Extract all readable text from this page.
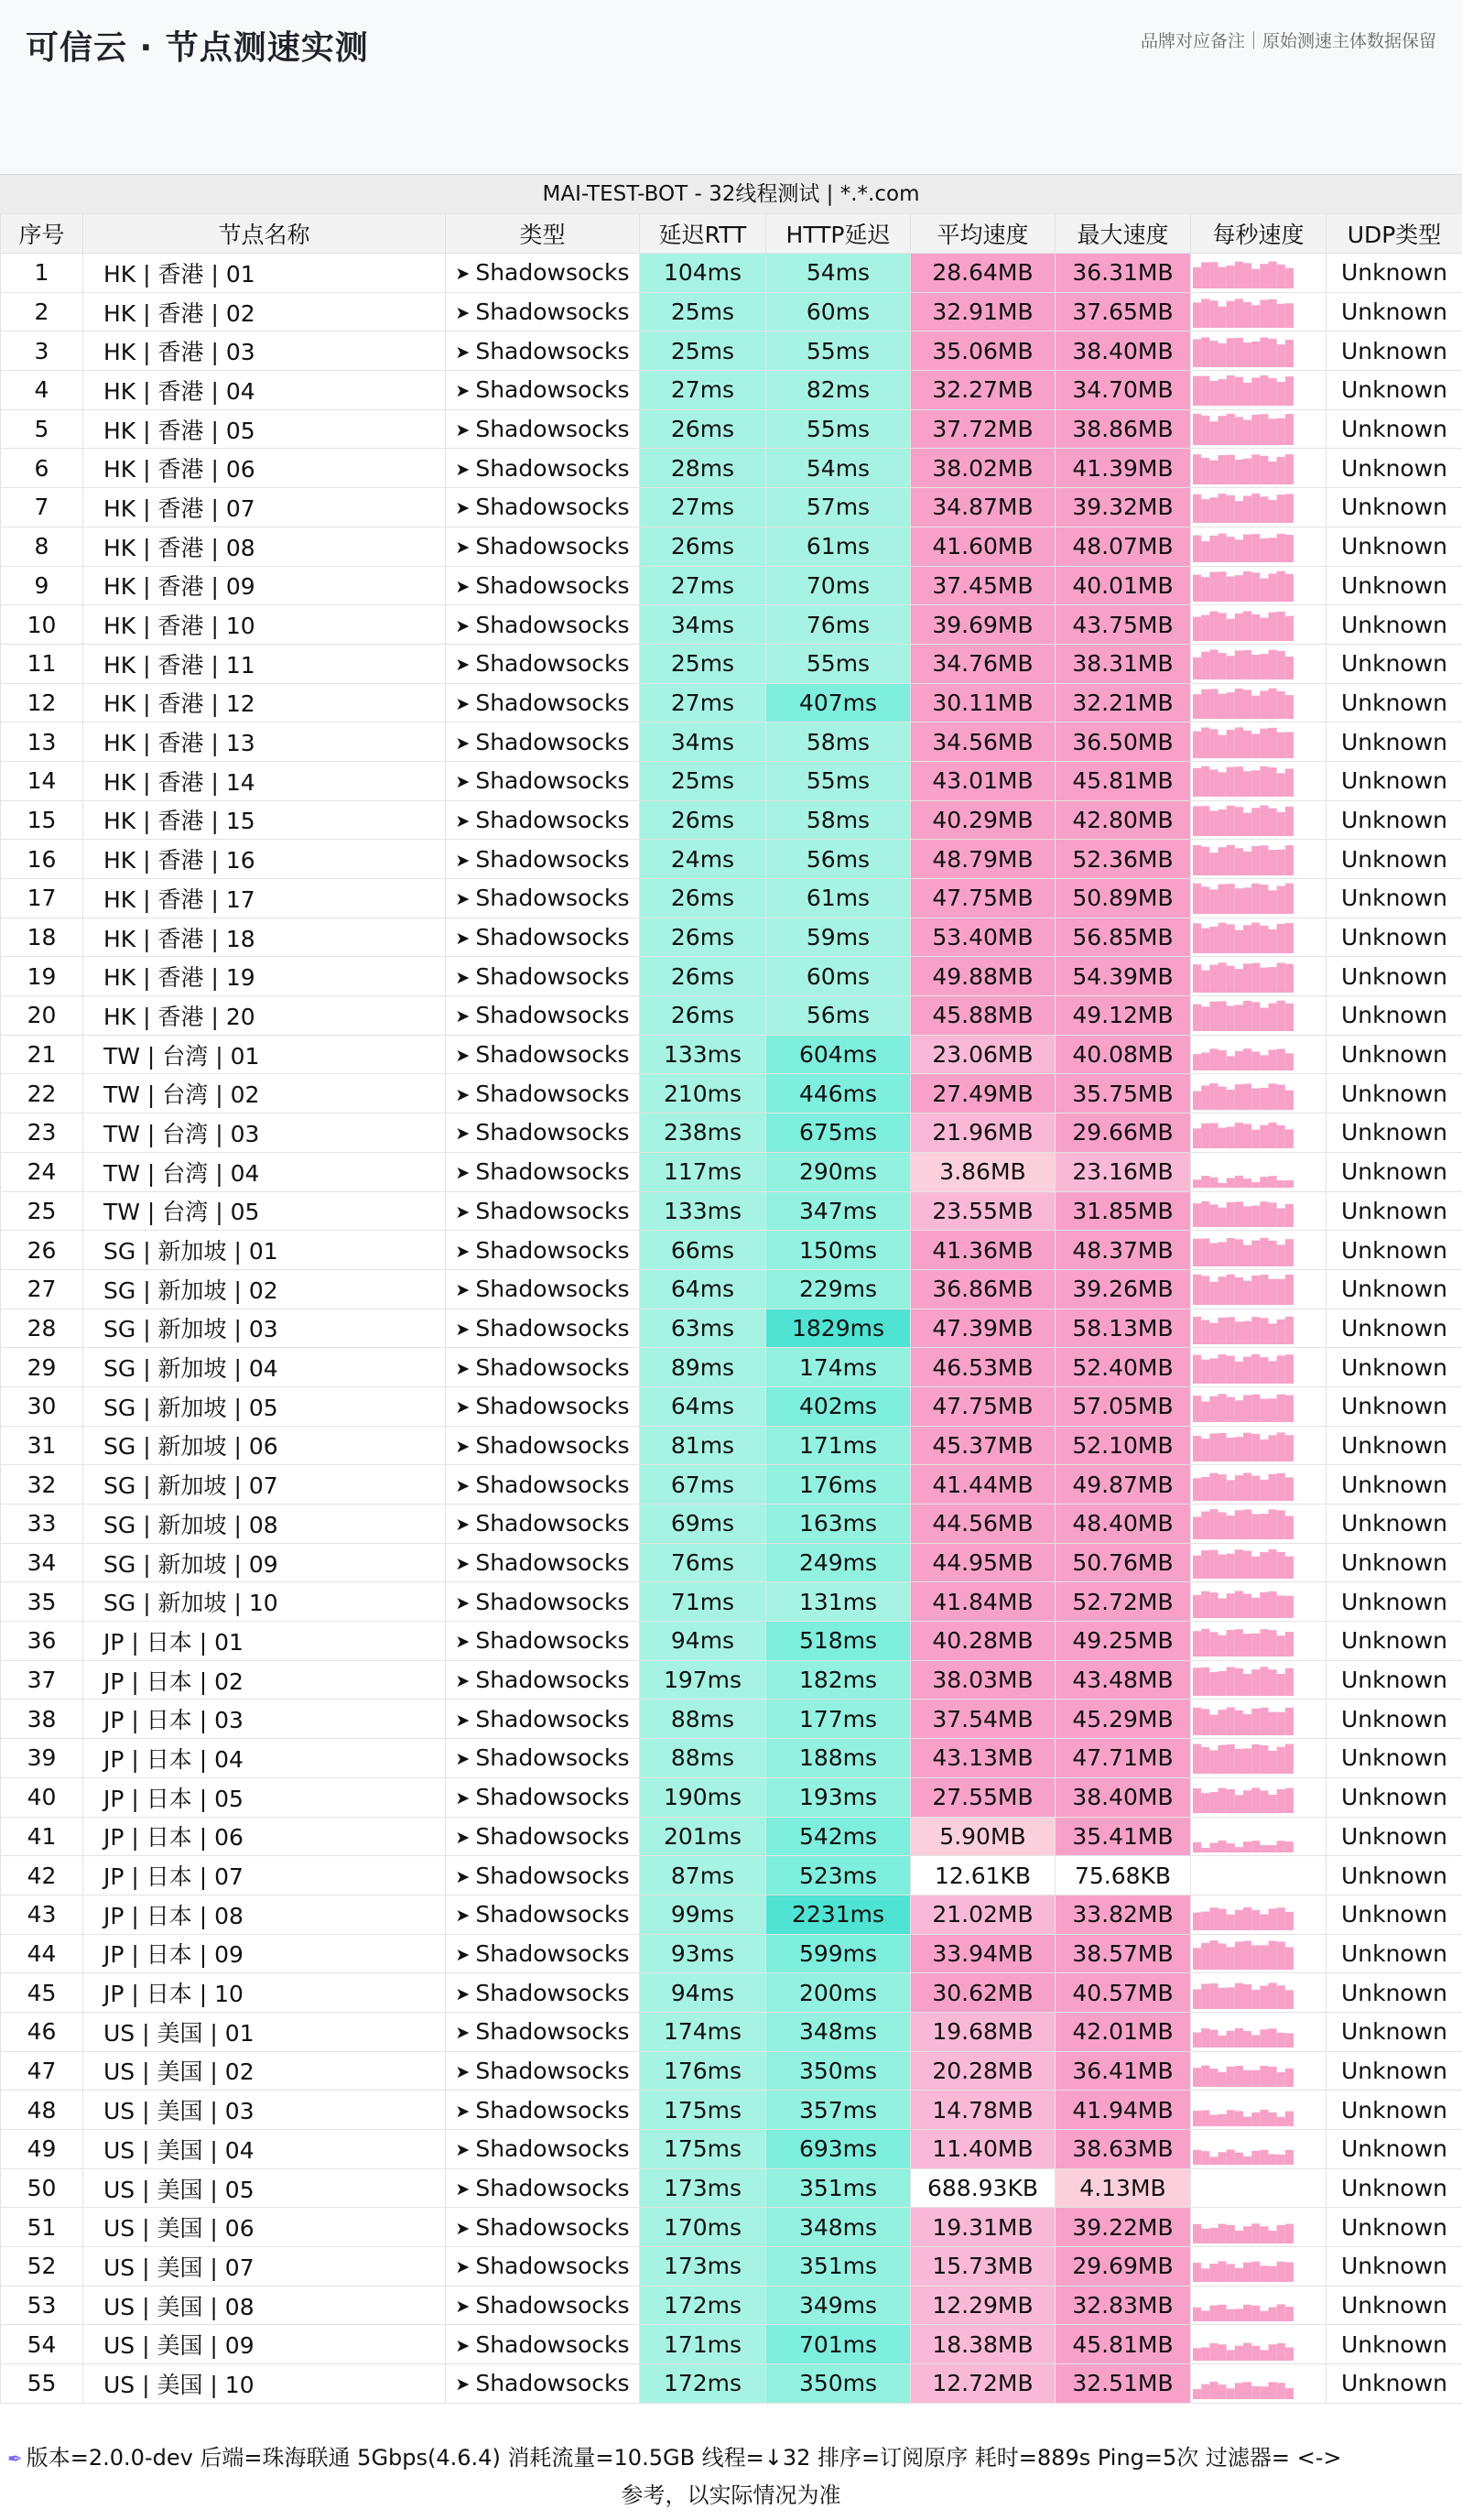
可信云 · 节点测速实测	品牌对应备注｜原始测速主体数据保留
MAI-TEST-BOT - 32线程测试 | *.*.com
序号	节点名称	类型	延迟RTT	HTTP延迟	平均速度	最大速度	每秒速度	UDP类型
1	HK | 香港 | 01	➤ Shadowsocks	104ms	54ms	28.64MB	36.31MB		Unknown
2	HK | 香港 | 02	➤ Shadowsocks	25ms	60ms	32.91MB	37.65MB		Unknown
3	HK | 香港 | 03	➤ Shadowsocks	25ms	55ms	35.06MB	38.40MB		Unknown
4	HK | 香港 | 04	➤ Shadowsocks	27ms	82ms	32.27MB	34.70MB		Unknown
5	HK | 香港 | 05	➤ Shadowsocks	26ms	55ms	37.72MB	38.86MB		Unknown
6	HK | 香港 | 06	➤ Shadowsocks	28ms	54ms	38.02MB	41.39MB		Unknown
7	HK | 香港 | 07	➤ Shadowsocks	27ms	57ms	34.87MB	39.32MB		Unknown
8	HK | 香港 | 08	➤ Shadowsocks	26ms	61ms	41.60MB	48.07MB		Unknown
9	HK | 香港 | 09	➤ Shadowsocks	27ms	70ms	37.45MB	40.01MB		Unknown
10	HK | 香港 | 10	➤ Shadowsocks	34ms	76ms	39.69MB	43.75MB		Unknown
11	HK | 香港 | 11	➤ Shadowsocks	25ms	55ms	34.76MB	38.31MB		Unknown
12	HK | 香港 | 12	➤ Shadowsocks	27ms	407ms	30.11MB	32.21MB		Unknown
13	HK | 香港 | 13	➤ Shadowsocks	34ms	58ms	34.56MB	36.50MB		Unknown
14	HK | 香港 | 14	➤ Shadowsocks	25ms	55ms	43.01MB	45.81MB		Unknown
15	HK | 香港 | 15	➤ Shadowsocks	26ms	58ms	40.29MB	42.80MB		Unknown
16	HK | 香港 | 16	➤ Shadowsocks	24ms	56ms	48.79MB	52.36MB		Unknown
17	HK | 香港 | 17	➤ Shadowsocks	26ms	61ms	47.75MB	50.89MB		Unknown
18	HK | 香港 | 18	➤ Shadowsocks	26ms	59ms	53.40MB	56.85MB		Unknown
19	HK | 香港 | 19	➤ Shadowsocks	26ms	60ms	49.88MB	54.39MB		Unknown
20	HK | 香港 | 20	➤ Shadowsocks	26ms	56ms	45.88MB	49.12MB		Unknown
21	TW | 台湾 | 01	➤ Shadowsocks	133ms	604ms	23.06MB	40.08MB		Unknown
22	TW | 台湾 | 02	➤ Shadowsocks	210ms	446ms	27.49MB	35.75MB		Unknown
23	TW | 台湾 | 03	➤ Shadowsocks	238ms	675ms	21.96MB	29.66MB		Unknown
24	TW | 台湾 | 04	➤ Shadowsocks	117ms	290ms	3.86MB	23.16MB		Unknown
25	TW | 台湾 | 05	➤ Shadowsocks	133ms	347ms	23.55MB	31.85MB		Unknown
26	SG | 新加坡 | 01	➤ Shadowsocks	66ms	150ms	41.36MB	48.37MB		Unknown
27	SG | 新加坡 | 02	➤ Shadowsocks	64ms	229ms	36.86MB	39.26MB		Unknown
28	SG | 新加坡 | 03	➤ Shadowsocks	63ms	1829ms	47.39MB	58.13MB		Unknown
29	SG | 新加坡 | 04	➤ Shadowsocks	89ms	174ms	46.53MB	52.40MB		Unknown
30	SG | 新加坡 | 05	➤ Shadowsocks	64ms	402ms	47.75MB	57.05MB		Unknown
31	SG | 新加坡 | 06	➤ Shadowsocks	81ms	171ms	45.37MB	52.10MB		Unknown
32	SG | 新加坡 | 07	➤ Shadowsocks	67ms	176ms	41.44MB	49.87MB		Unknown
33	SG | 新加坡 | 08	➤ Shadowsocks	69ms	163ms	44.56MB	48.40MB		Unknown
34	SG | 新加坡 | 09	➤ Shadowsocks	76ms	249ms	44.95MB	50.76MB		Unknown
35	SG | 新加坡 | 10	➤ Shadowsocks	71ms	131ms	41.84MB	52.72MB		Unknown
36	JP | 日本 | 01	➤ Shadowsocks	94ms	518ms	40.28MB	49.25MB		Unknown
37	JP | 日本 | 02	➤ Shadowsocks	197ms	182ms	38.03MB	43.48MB		Unknown
38	JP | 日本 | 03	➤ Shadowsocks	88ms	177ms	37.54MB	45.29MB		Unknown
39	JP | 日本 | 04	➤ Shadowsocks	88ms	188ms	43.13MB	47.71MB		Unknown
40	JP | 日本 | 05	➤ Shadowsocks	190ms	193ms	27.55MB	38.40MB		Unknown
41	JP | 日本 | 06	➤ Shadowsocks	201ms	542ms	5.90MB	35.41MB		Unknown
42	JP | 日本 | 07	➤ Shadowsocks	87ms	523ms	12.61KB	75.68KB		Unknown
43	JP | 日本 | 08	➤ Shadowsocks	99ms	2231ms	21.02MB	33.82MB		Unknown
44	JP | 日本 | 09	➤ Shadowsocks	93ms	599ms	33.94MB	38.57MB		Unknown
45	JP | 日本 | 10	➤ Shadowsocks	94ms	200ms	30.62MB	40.57MB		Unknown
46	US | 美国 | 01	➤ Shadowsocks	174ms	348ms	19.68MB	42.01MB		Unknown
47	US | 美国 | 02	➤ Shadowsocks	176ms	350ms	20.28MB	36.41MB		Unknown
48	US | 美国 | 03	➤ Shadowsocks	175ms	357ms	14.78MB	41.94MB		Unknown
49	US | 美国 | 04	➤ Shadowsocks	175ms	693ms	11.40MB	38.63MB		Unknown
50	US | 美国 | 05	➤ Shadowsocks	173ms	351ms	688.93KB	4.13MB		Unknown
51	US | 美国 | 06	➤ Shadowsocks	170ms	348ms	19.31MB	39.22MB		Unknown
52	US | 美国 | 07	➤ Shadowsocks	173ms	351ms	15.73MB	29.69MB		Unknown
53	US | 美国 | 08	➤ Shadowsocks	172ms	349ms	12.29MB	32.83MB		Unknown
54	US | 美国 | 09	➤ Shadowsocks	171ms	701ms	18.38MB	45.81MB		Unknown
55	US | 美国 | 10	➤ Shadowsocks	172ms	350ms	12.72MB	32.51MB		Unknown
✒ 版本=2.0.0-dev 后端=珠海联通 5Gbps(4.6.4) 消耗流量=10.5GB 线程=↓32 排序=订阅原序 耗时=889s Ping=5次 过滤器= <->
参考，以实际情况为准
